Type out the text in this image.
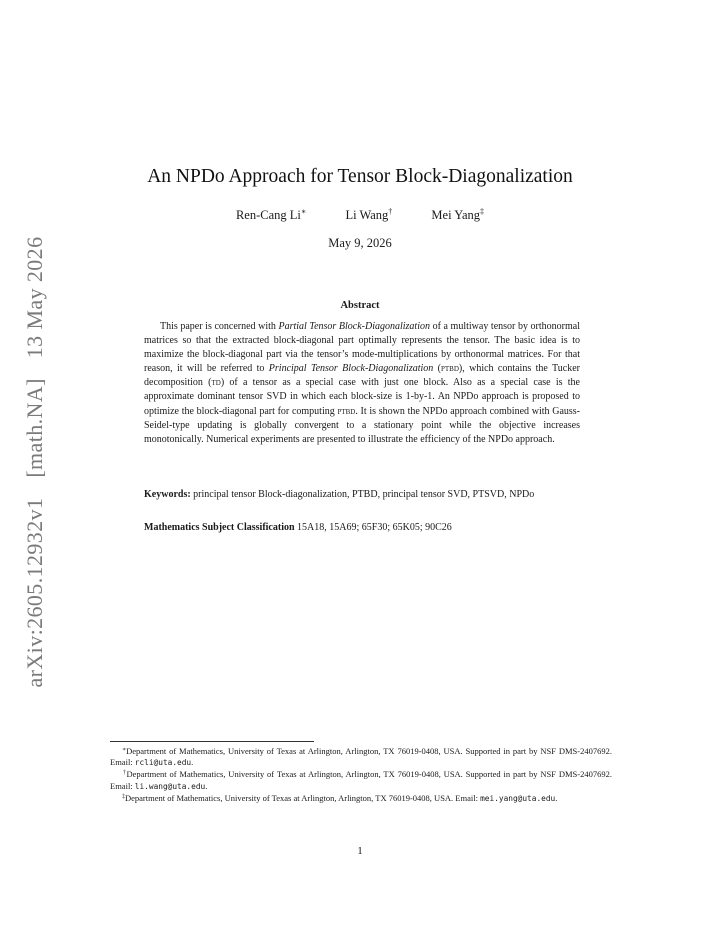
arXiv:2605.12932v1 [math.NA] 13 May 2026
An NPDo Approach for Tensor Block-Diagonalization
Ren-Cang Li∗	Li Wang†	Mei Yang‡
May 9, 2026
Abstract
This paper is concerned with Partial Tensor Block-Diagonalization of a multiway tensor by orthonormal matrices so that the extracted block-diagonal part optimally represents the tensor. The basic idea is to maximize the block-diagonal part via the tensor’s mode-multiplications by orthonormal matrices. For that reason, it will be referred to Principal Tensor Block-Diagonalization (ptbd), which contains the Tucker decomposition (td) of a tensor as a special case with just one block. Also as a special case is the approximate dominant tensor SVD in which each block-size is 1-by-1. An NPDo approach is proposed to optimize the block-diagonal part for computing ptbd. It is shown the NPDo approach combined with Gauss-Seidel-type updating is globally convergent to a stationary point while the objective increases monotonically. Numerical experiments are presented to illustrate the efficiency of the NPDo approach.
Keywords: principal tensor Block-diagonalization, PTBD, principal tensor SVD, PTSVD, NPDo
Mathematics Subject Classification 15A18, 15A69; 65F30; 65K05; 90C26
∗Department of Mathematics, University of Texas at Arlington, Arlington, TX 76019-0408, USA. Supported in part by NSF DMS-2407692. Email: rcli@uta.edu.
†Department of Mathematics, University of Texas at Arlington, Arlington, TX 76019-0408, USA. Supported in part by NSF DMS-2407692. Email: li.wang@uta.edu.
‡Department of Mathematics, University of Texas at Arlington, Arlington, TX 76019-0408, USA. Email: mei.yang@uta.edu.
1
